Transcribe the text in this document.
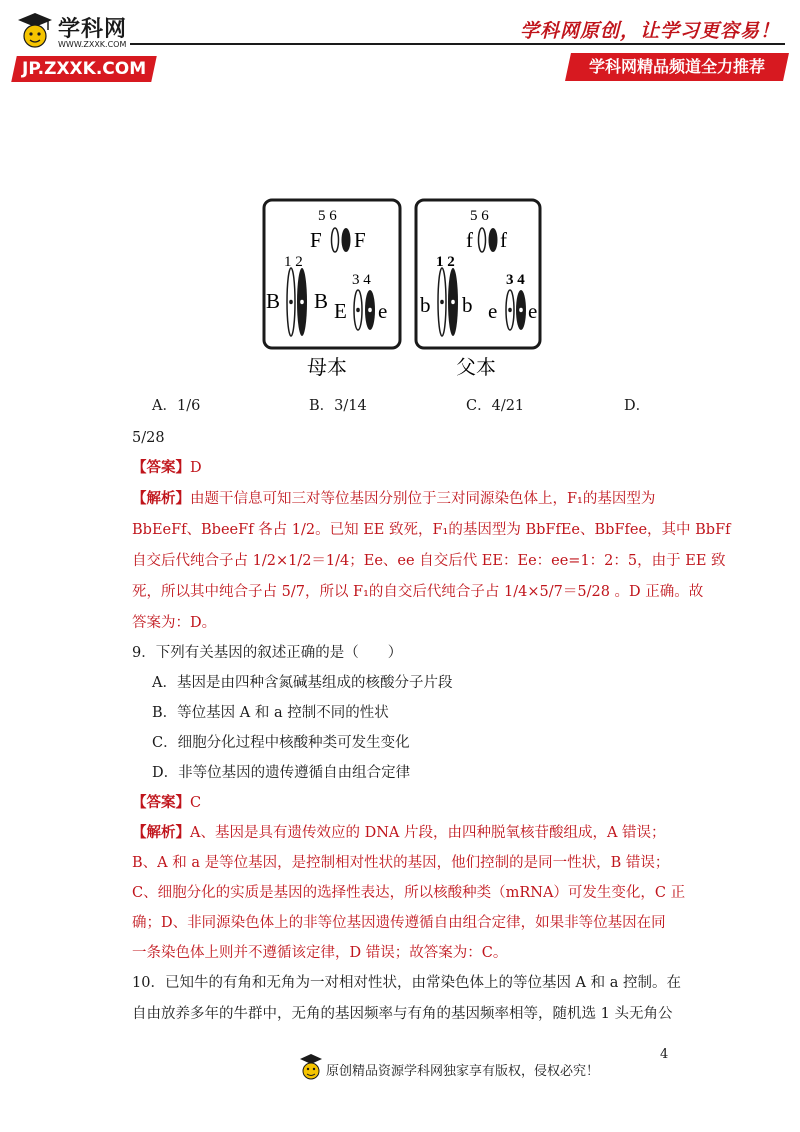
学科网
WWW.ZXXK.COM
学科网原创，让学习更容易！
JP.ZXXK.COM	学科网精品频道全力推荐
5 6
F F
1 2
B B
3 4
E e
母本
5 6
f f
1 2
b b
3 4
e e
父本
A．1/6	B．3/14	C．4/21	D．
5/28
【答案】D
【解析】由题干信息可知三对等位基因分别位于三对同源染色体上，F₁的基因型为
BbEeFf、BbeeFf 各占 1/2。已知 EE 致死，F₁的基因型为 BbFfEe、BbFfee，其中 BbFf
自交后代纯合子占 1/2×1/2＝1/4；Ee、ee 自交后代 EE：Ee：ee=1：2：5，由于 EE 致
死，所以其中纯合子占 5/7，所以 F₁的自交后代纯合子占 1/4×5/7＝5/28 。D 正确。故
答案为：D。
9．下列有关基因的叙述正确的是（　　）
A．基因是由四种含氮碱基组成的核酸分子片段
B．等位基因 A 和 a 控制不同的性状
C．细胞分化过程中核酸种类可发生变化
D．非等位基因的遗传遵循自由组合定律
【答案】C
【解析】A、基因是具有遗传效应的 DNA 片段，由四种脱氧核苷酸组成，A 错误；
B、A 和 a 是等位基因，是控制相对性状的基因，他们控制的是同一性状，B 错误；
C、细胞分化的实质是基因的选择性表达，所以核酸种类（mRNA）可发生变化，C 正
确；D、非同源染色体上的非等位基因遗传遵循自由组合定律，如果非等位基因在同
一条染色体上则并不遵循该定律，D 错误；故答案为：C。
10．已知牛的有角和无角为一对相对性状，由常染色体上的等位基因 A 和 a 控制。在
自由放养多年的牛群中，无角的基因频率与有角的基因频率相等，随机选 1 头无角公
4
原创精品资源学科网独家享有版权，侵权必究！
